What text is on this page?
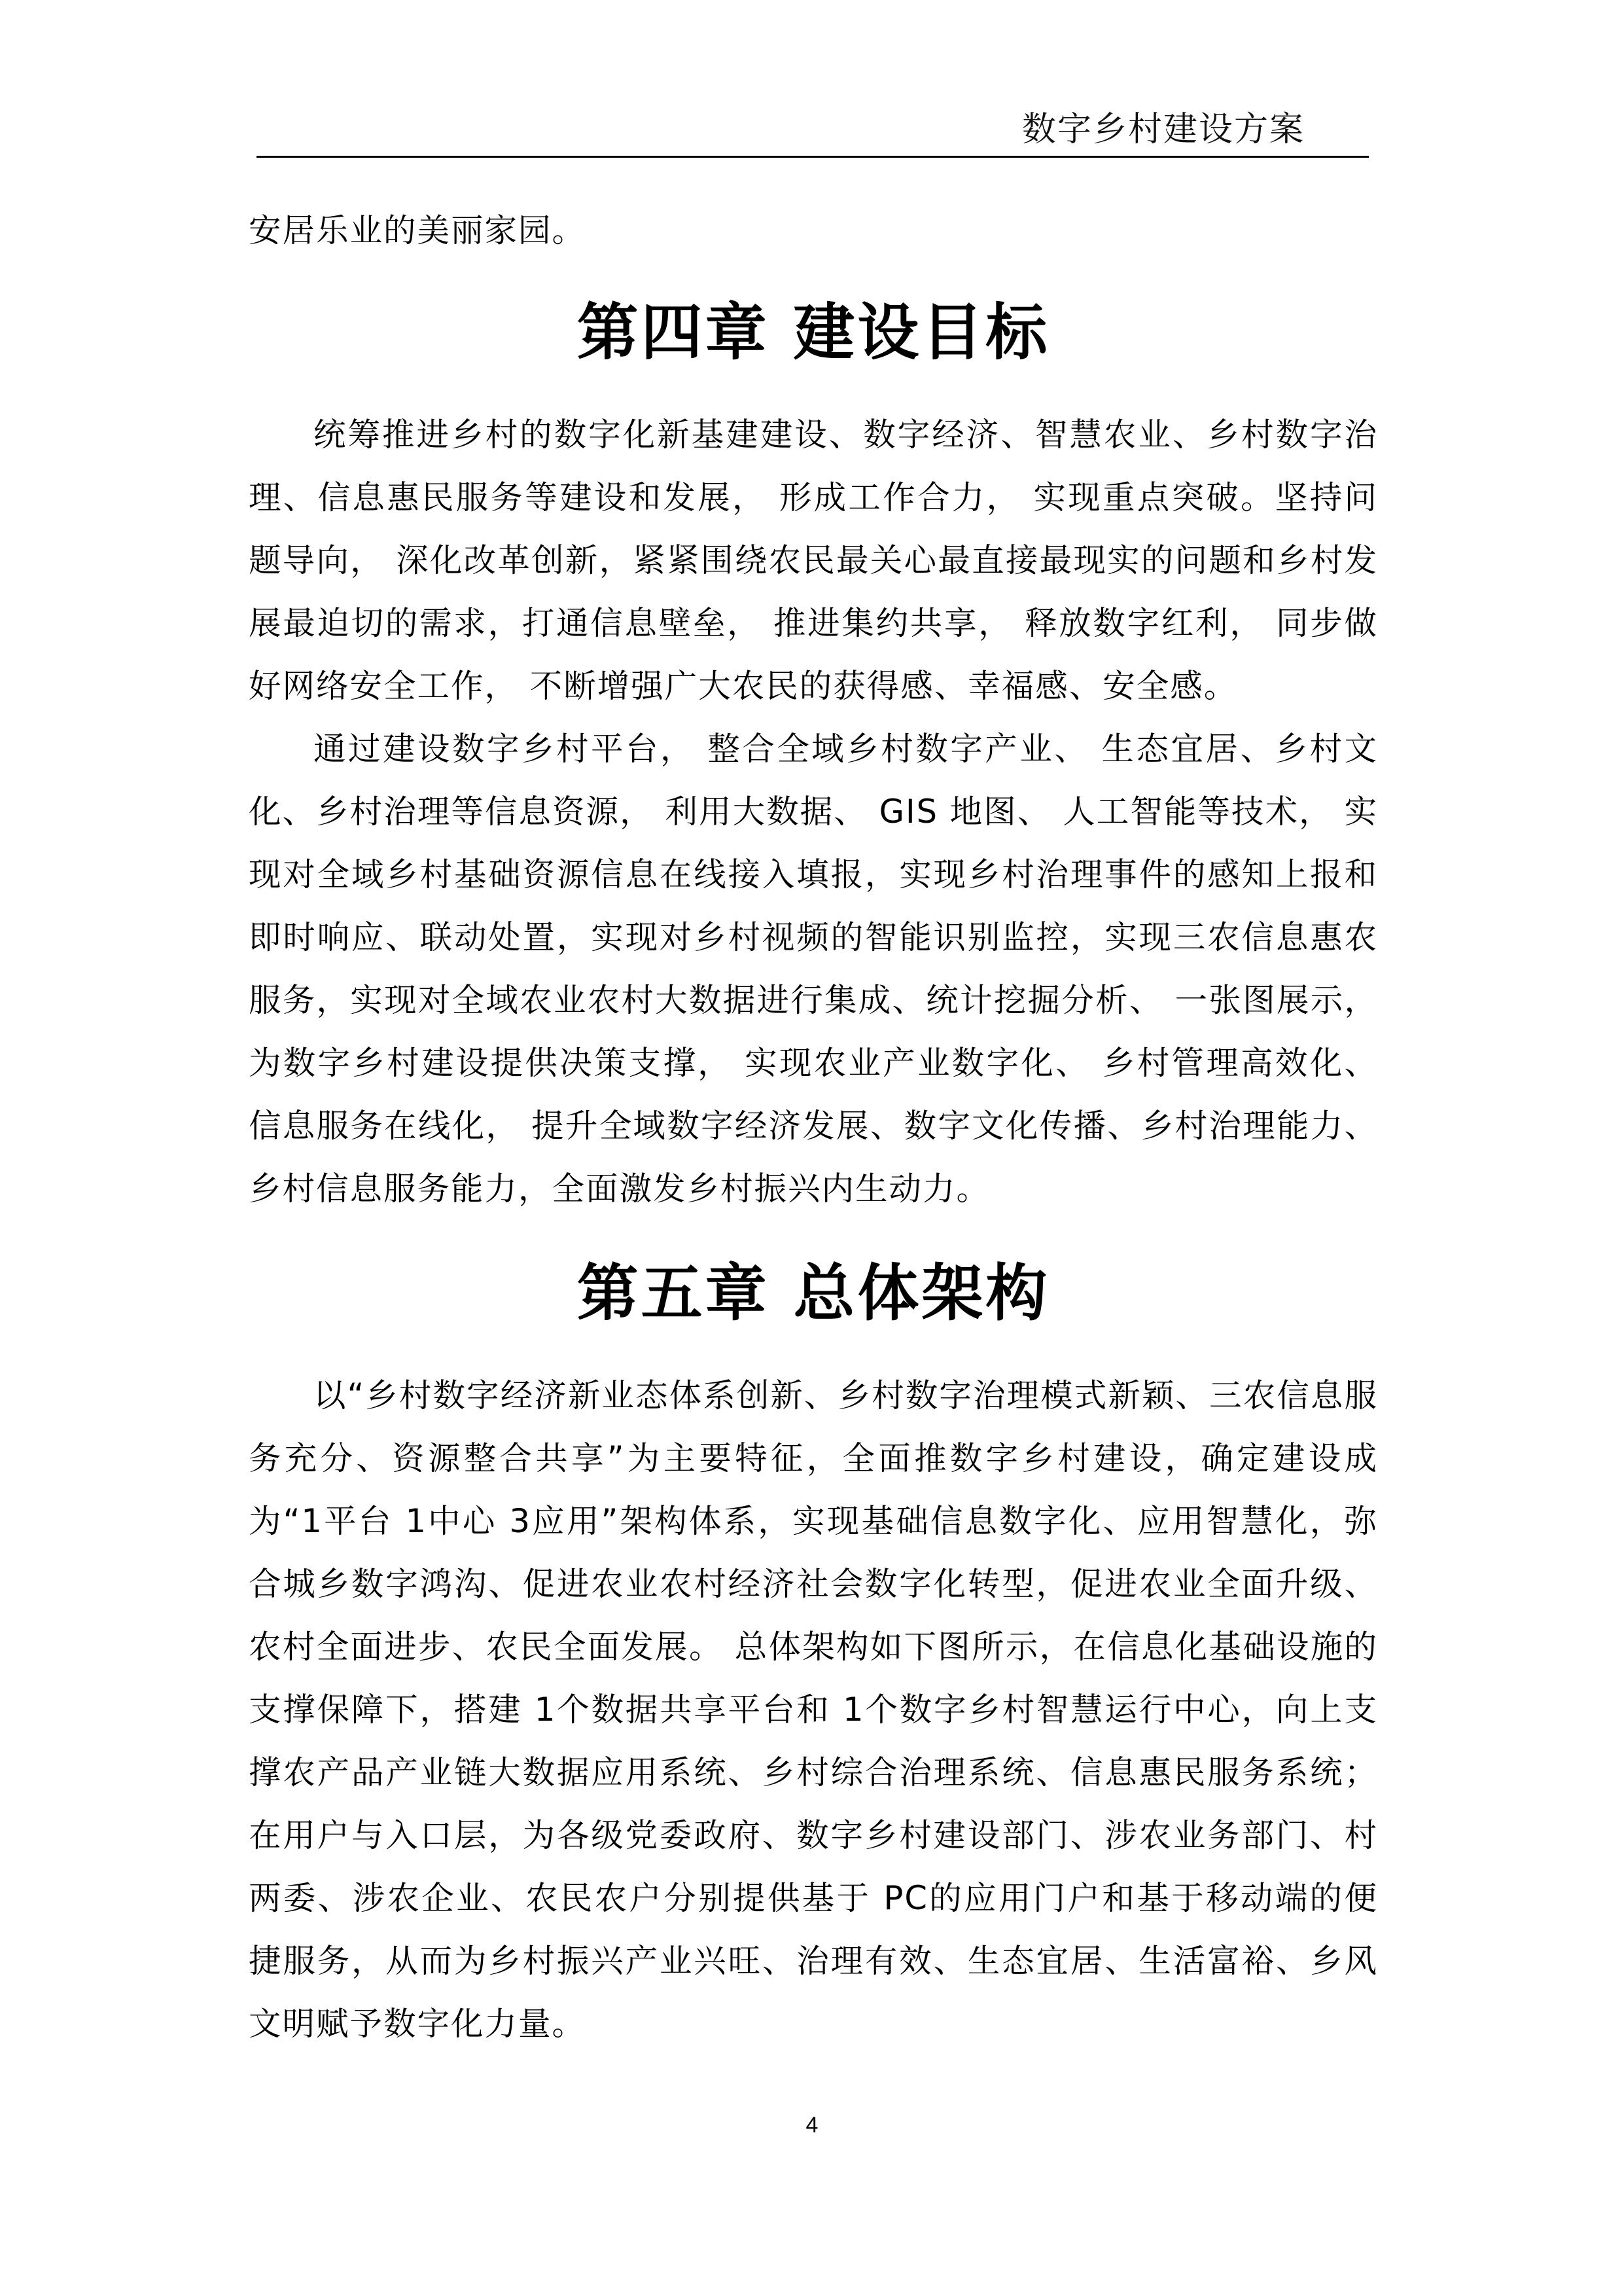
数字乡村建设方案

安居乐业的美丽家园。

第四章 建设目标

统筹推进乡村的数字化新基建建设、数字经济、智慧农业、乡村数字治理、信息惠民服务等建设和发展， 形成工作合力， 实现重点突破。坚持问题导向， 深化改革创新，紧紧围绕农民最关心最直接最现实的问题和乡村发展最迫切的需求，打通信息壁垒， 推进集约共享， 释放数字红利， 同步做好网络安全工作， 不断增强广大农民的获得感、幸福感、安全感。

通过建设数字乡村平台， 整合全域乡村数字产业、 生态宜居、乡村文化、乡村治理等信息资源， 利用大数据、 GIS 地图、 人工智能等技术， 实现对全域乡村基础资源信息在线接入填报，实现乡村治理事件的感知上报和即时响应、联动处置，实现对乡村视频的智能识别监控，实现三农信息惠农服务，实现对全域农业农村大数据进行集成、统计挖掘分析、 一张图展示，为数字乡村建设提供决策支撑， 实现农业产业数字化、 乡村管理高效化、信息服务在线化， 提升全域数字经济发展、数字文化传播、乡村治理能力、乡村信息服务能力，全面激发乡村振兴内生动力。

第五章 总体架构

以“乡村数字经济新业态体系创新、乡村数字治理模式新颖、三农信息服务充分、资源整合共享”为主要特征，全面推数字乡村建设，确定建设成为“1平台 1中心 3应用”架构体系，实现基础信息数字化、应用智慧化，弥合城乡数字鸿沟、促进农业农村经济社会数字化转型，促进农业全面升级、农村全面进步、农民全面发展。 总体架构如下图所示，在信息化基础设施的支撑保障下，搭建 1个数据共享平台和 1个数字乡村智慧运行中心，向上支撑农产品产业链大数据应用系统、乡村综合治理系统、信息惠民服务系统；在用户与入口层，为各级党委政府、数字乡村建设部门、涉农业务部门、村两委、涉农企业、农民农户分别提供基于 PC的应用门户和基于移动端的便捷服务，从而为乡村振兴产业兴旺、治理有效、生态宜居、生活富裕、乡风文明赋予数字化力量。

4
